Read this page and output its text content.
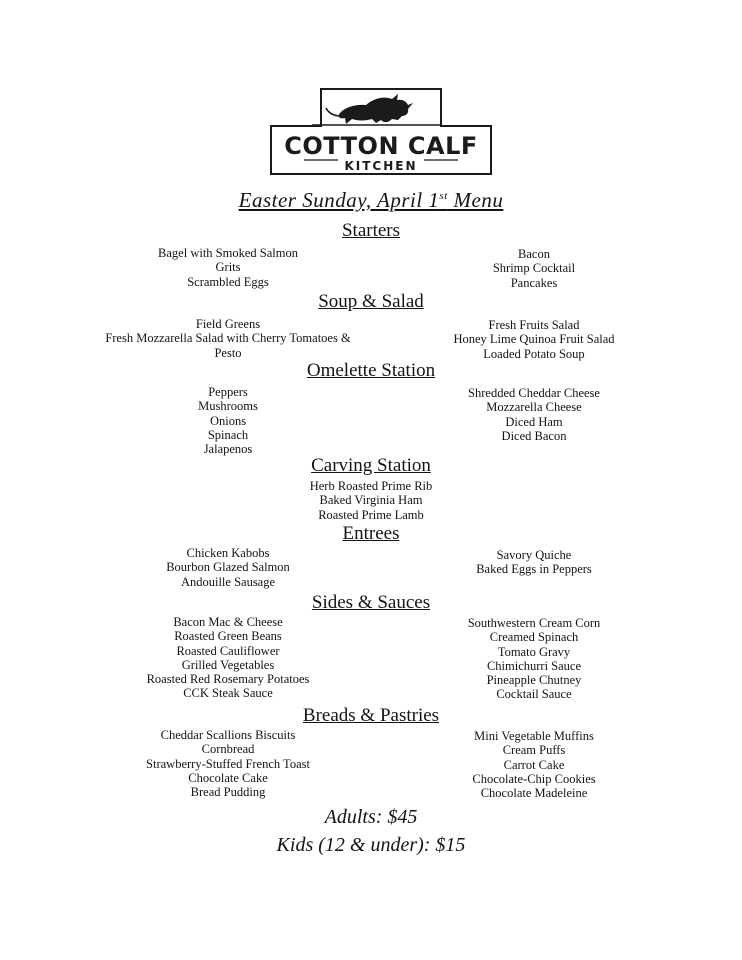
COTTON CALF
KITCHEN
Easter Sunday, April 1st Menu
Starters
Bagel with Smoked Salmon
Grits
Scrambled Eggs
Bacon
Shrimp Cocktail
Pancakes
Soup & Salad
Field Greens
Fresh Mozzarella Salad with Cherry Tomatoes &
Pesto
Fresh Fruits Salad
Honey Lime Quinoa Fruit Salad
Loaded Potato Soup
Omelette Station
Peppers
Mushrooms
Onions
Spinach
Jalapenos
Shredded Cheddar Cheese
Mozzarella Cheese
Diced Ham
Diced Bacon
Carving Station
Herb Roasted Prime Rib
Baked Virginia Ham
Roasted Prime Lamb
Entrees
Chicken Kabobs
Bourbon Glazed Salmon
Andouille Sausage
Savory Quiche
Baked Eggs in Peppers
Sides & Sauces
Bacon Mac & Cheese
Roasted Green Beans
Roasted Cauliflower
Grilled Vegetables
Roasted Red Rosemary Potatoes
CCK Steak Sauce
Southwestern Cream Corn
Creamed Spinach
Tomato Gravy
Chimichurri Sauce
Pineapple Chutney
Cocktail Sauce
Breads & Pastries
Cheddar Scallions Biscuits
Cornbread
Strawberry-Stuffed French Toast
Chocolate Cake
Bread Pudding
Mini Vegetable Muffins
Cream Puffs
Carrot Cake
Chocolate-Chip Cookies
Chocolate Madeleine
Adults: $45
Kids (12 & under): $15
